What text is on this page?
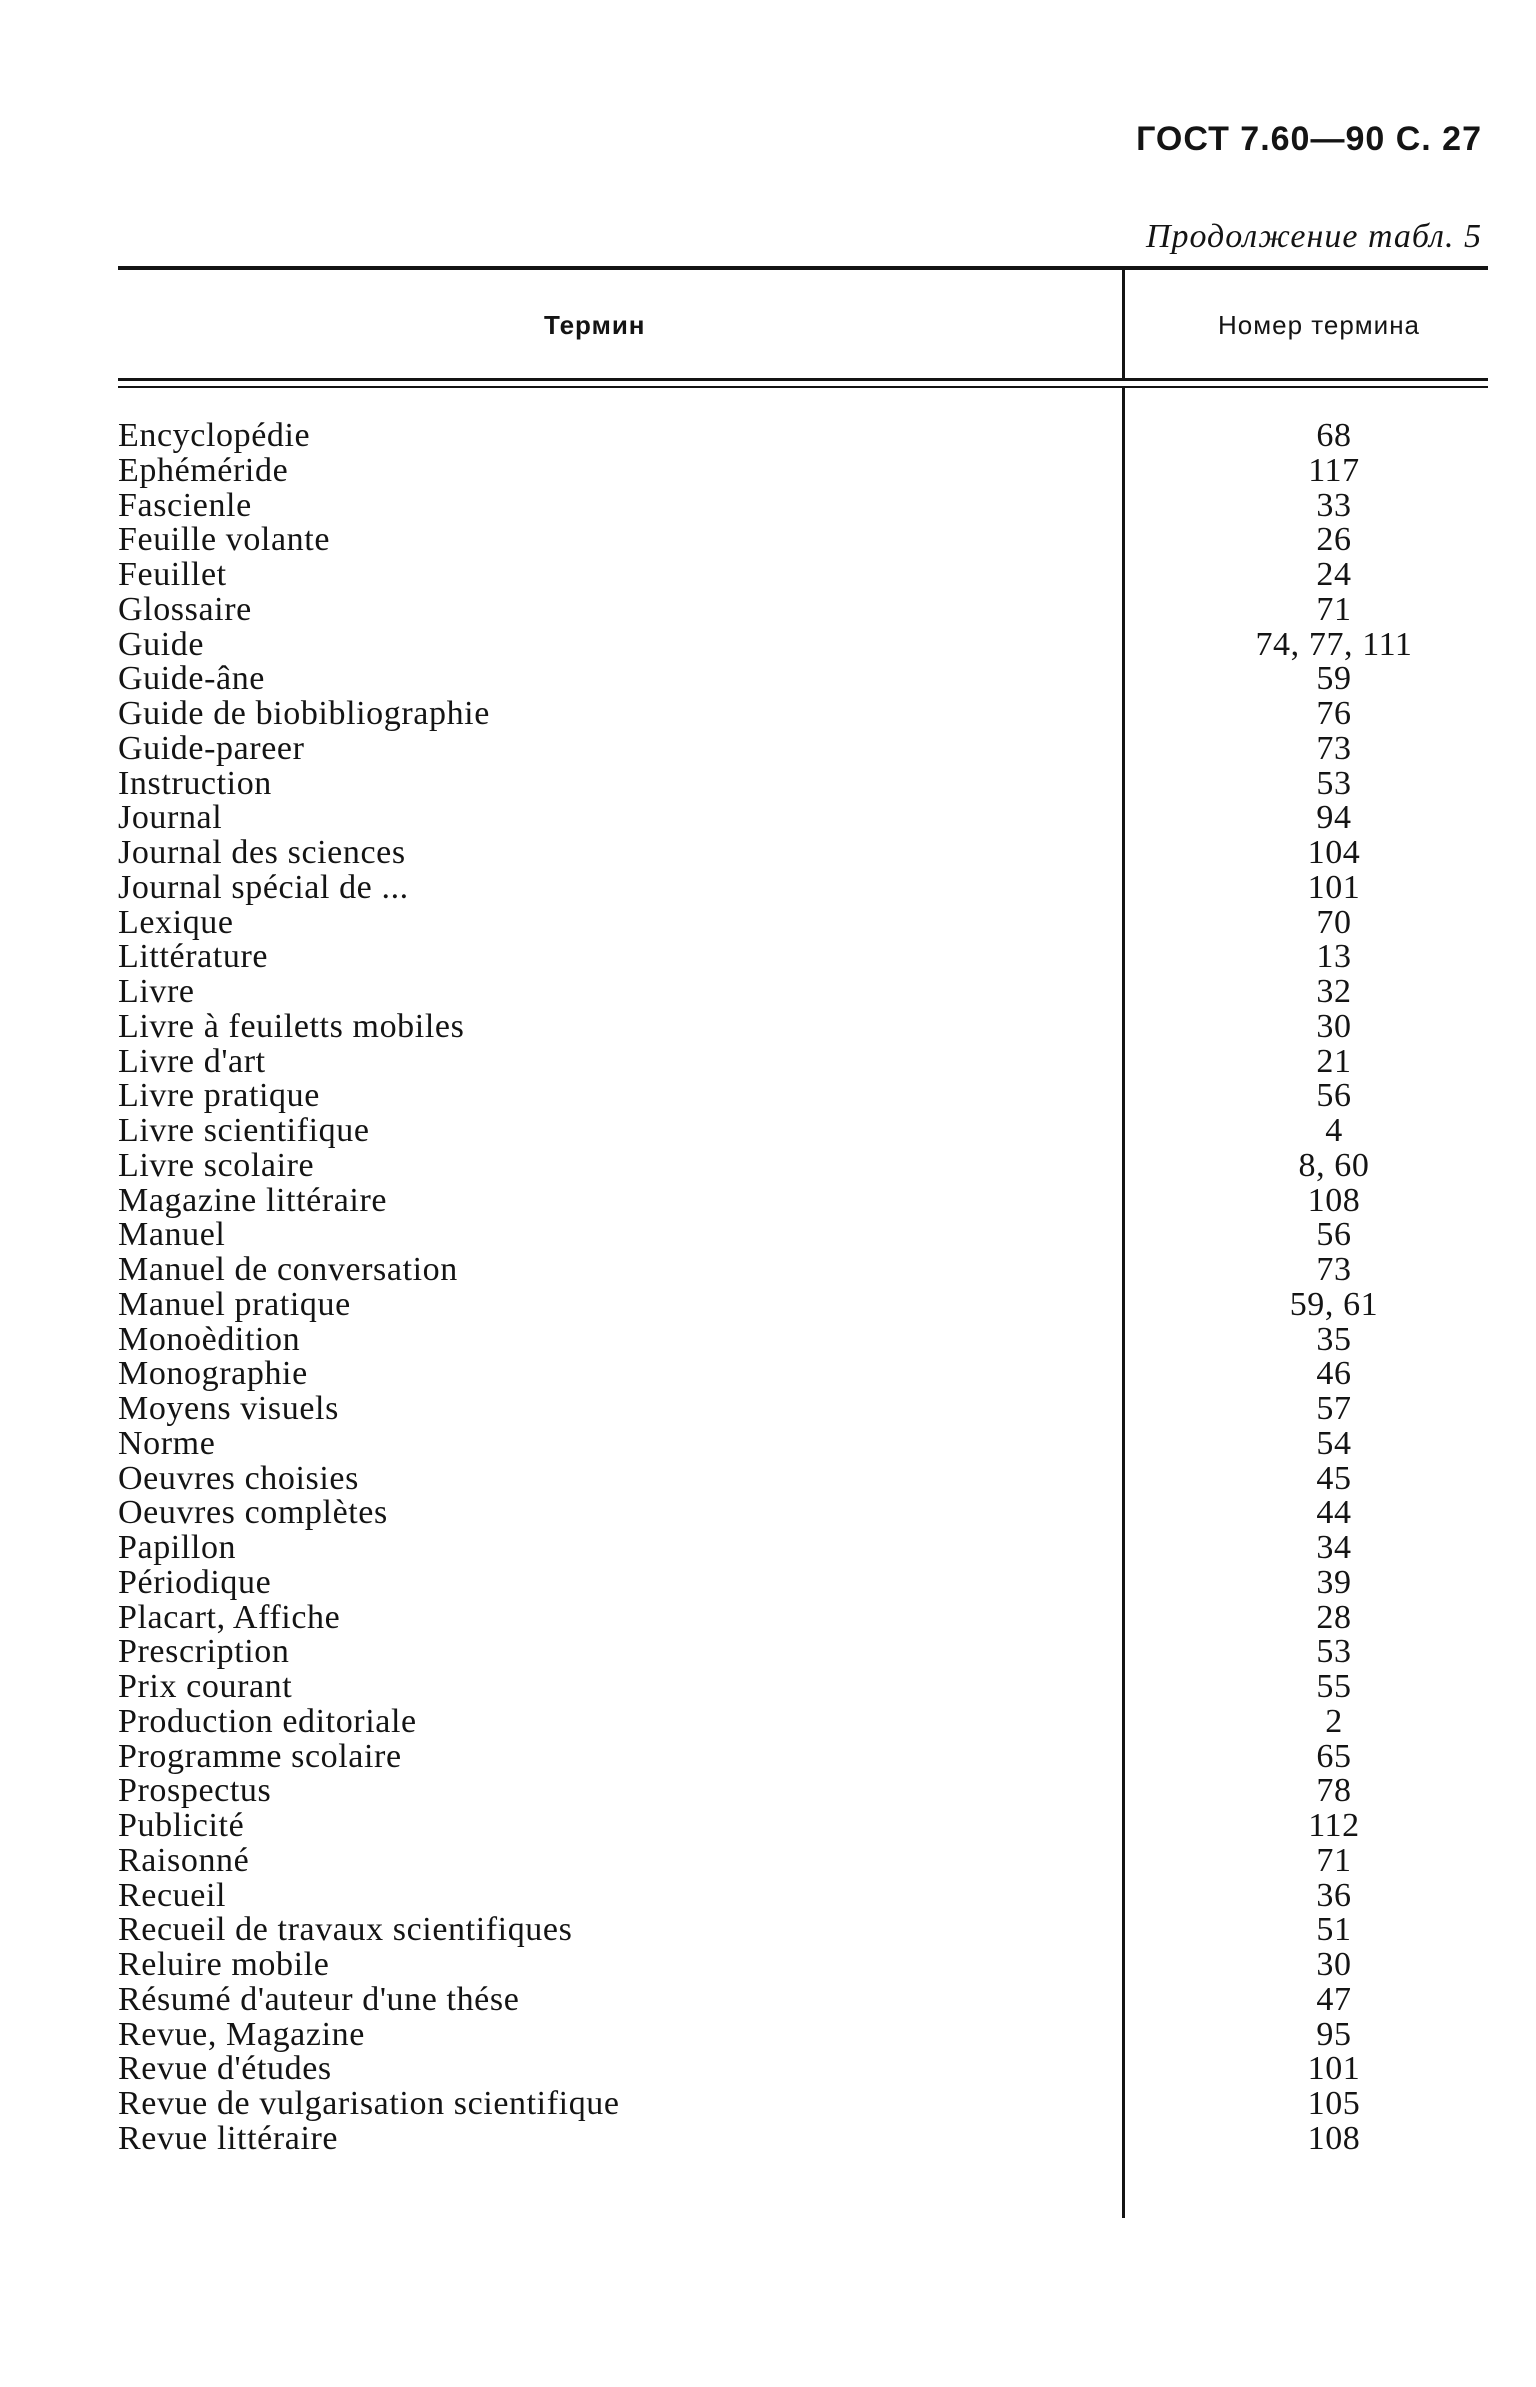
ГОСТ 7.60—90 С. 27
Продолжение табл. 5
Термин	Номер термина
Encyclopédie	68
Ephéméride	117
Fascienle	33
Feuille volante	26
Feuillet	24
Glossaire	71
Guide	74, 77, 111
Guide-âne	59
Guide de biobibliographie	76
Guide-pareer	73
Instruction	53
Journal	94
Journal des sciences	104
Journal spécial de ...	101
Lexique	70
Littérature	13
Livre	32
Livre à feuiletts mobiles	30
Livre d'art	21
Livre pratique	56
Livre scientifique	4
Livre scolaire	8, 60
Magazine littéraire	108
Manuel	56
Manuel de conversation	73
Manuel pratique	59, 61
Monoèdition	35
Monographie	46
Moyens visuels	57
Norme	54
Oeuvres choisies	45
Oeuvres complètes	44
Papillon	34
Périodique	39
Placart, Affiche	28
Prescription	53
Prix courant	55
Production editoriale	2
Programme scolaire	65
Prospectus	78
Publicité	112
Raisonné	71
Recueil	36
Recueil de travaux scientifiques	51
Reluire mobile	30
Résumé d'auteur d'une thése	47
Revue, Magazine	95
Revue d'études	101
Revue de vulgarisation scientifique	105
Revue littéraire	108
